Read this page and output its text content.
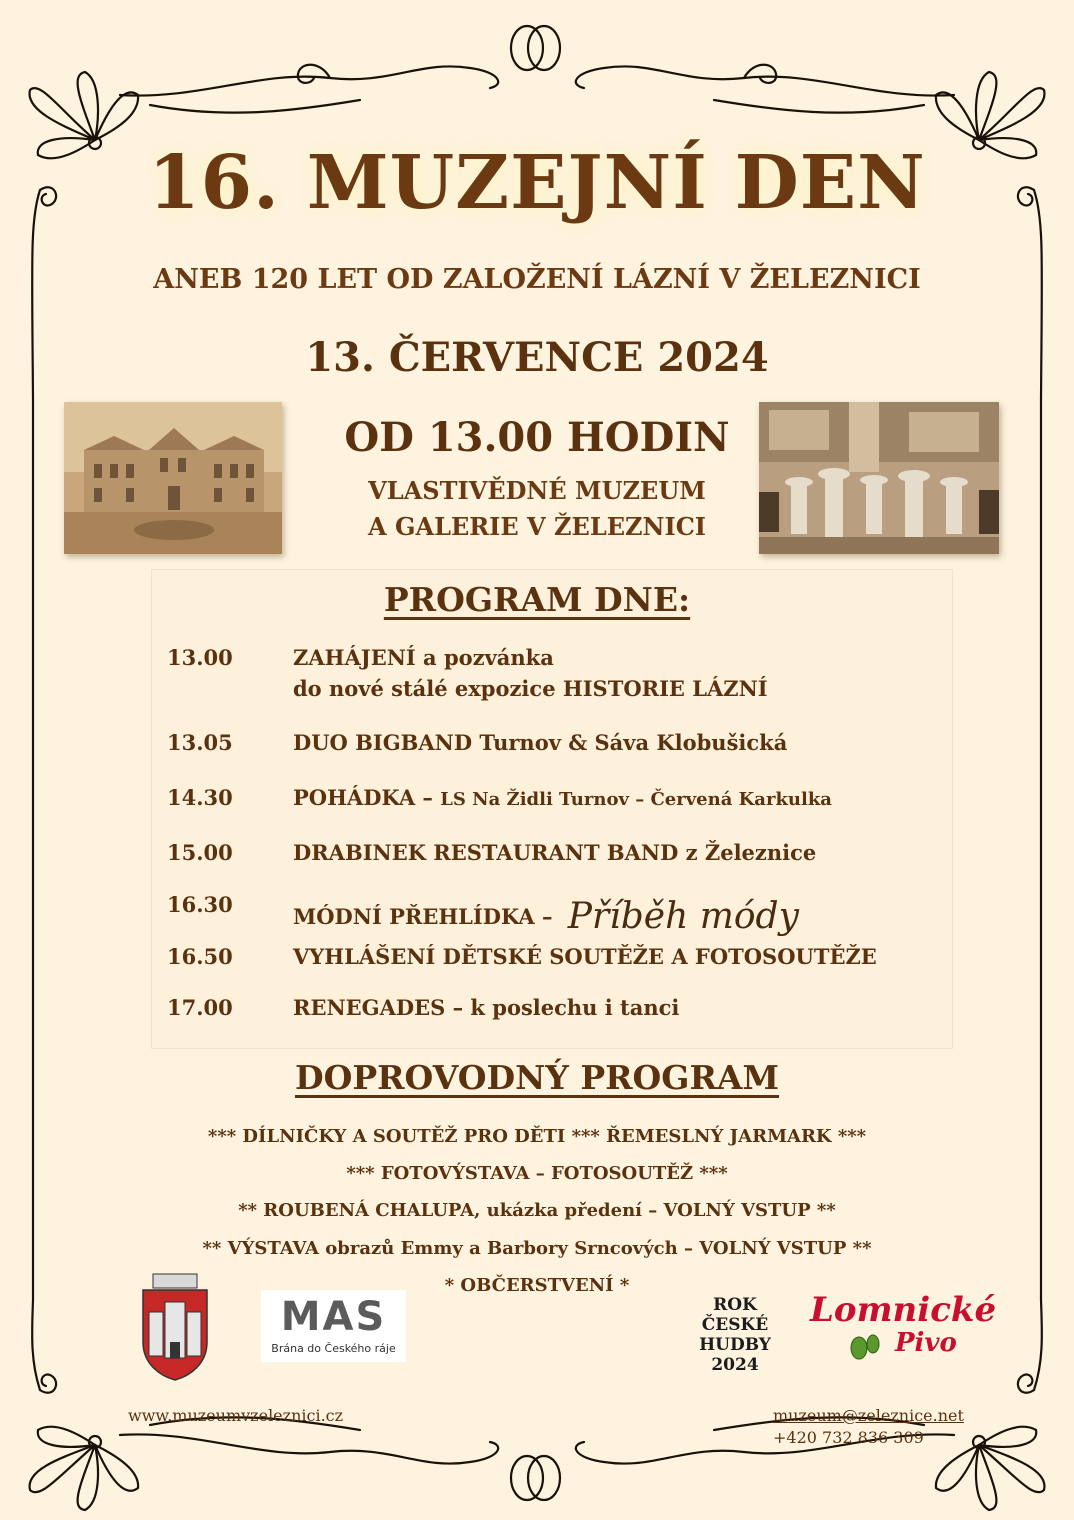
16. MUZEJNÍ DEN
ANEB 120 LET OD ZALOŽENÍ LÁZNÍ V ŽELEZNICI
13. ČERVENCE 2024
OD 13.00 HODIN
VLASTIVĚDNÉ MUZEUM
A GALERIE V ŽELEZNICI
PROGRAM DNE:
13.00	ZAHÁJENÍ a pozvánka
do nové stálé expozice HISTORIE LÁZNÍ
13.05	DUO BIGBAND Turnov & Sáva Klobušická
14.30	POHÁDKA – LS Na Židli Turnov – Červená Karkulka
15.00	DRABINEK RESTAURANT BAND z Železnice
16.30	MÓDNÍ PŘEHLÍDKA – Příběh módy
16.50	VYHLÁŠENÍ DĚTSKÉ SOUTĚŽE A FOTOSOUTĚŽE
17.00	RENEGADES – k poslechu i tanci
DOPROVODNÝ PROGRAM
*** DÍLNIČKY A SOUTĚŽ PRO DĚTI *** ŘEMESLNÝ JARMARK ***
*** FOTOVÝSTAVA – FOTOSOUTĚŽ ***
** ROUBENÁ CHALUPA, ukázka předení – VOLNÝ VSTUP **
** VÝSTAVA obrazů Emmy a Barbory Srncových – VOLNÝ VSTUP **
* OBČERSTVENÍ *
MAS
Brána do Českého ráje
ROK
ČESKÉ
HUDBY
2024
Lomnické
Pivo
www.muzeumvzeleznici.cz	muzeum@zeleznice.net
+420 732 836 309
